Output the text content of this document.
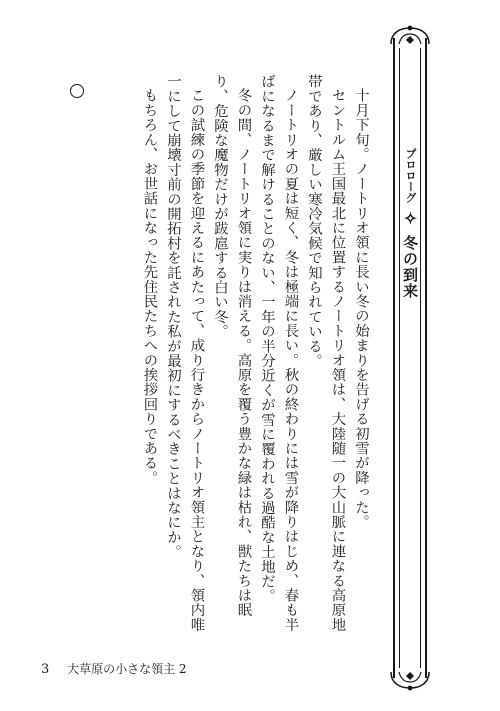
プロローグ
✧
冬の到来

十月下旬。ノートリオ領に長い冬の始まりを告げる初雪が降った。

セントルム王国最北に位置するノートリオ領は、大陸随一の大山脈に連なる高原地帯であり、厳しい寒冷気候で知られている。

ノートリオの夏は短く、冬は極端に長い。秋の終わりには雪が降りはじめ、春も半ばになるまで解けることのない、一年の半分近くが雪に覆われる過酷な土地だ。

冬の間、ノートリオ領に実りは消える。高原を覆う豊かな緑は枯れ、獣たちは眠り、危険な魔物だけが跋扈する白い冬。

この試練の季節を迎えるにあたって、成り行きからノートリオ領主となり、領内唯一にして崩壊寸前の開拓村を託された私が最初にするべきことはなにか。

もちろん、お世話になった先住民たちへの挨拶回りである。

3 大草原の小さな領主 2
